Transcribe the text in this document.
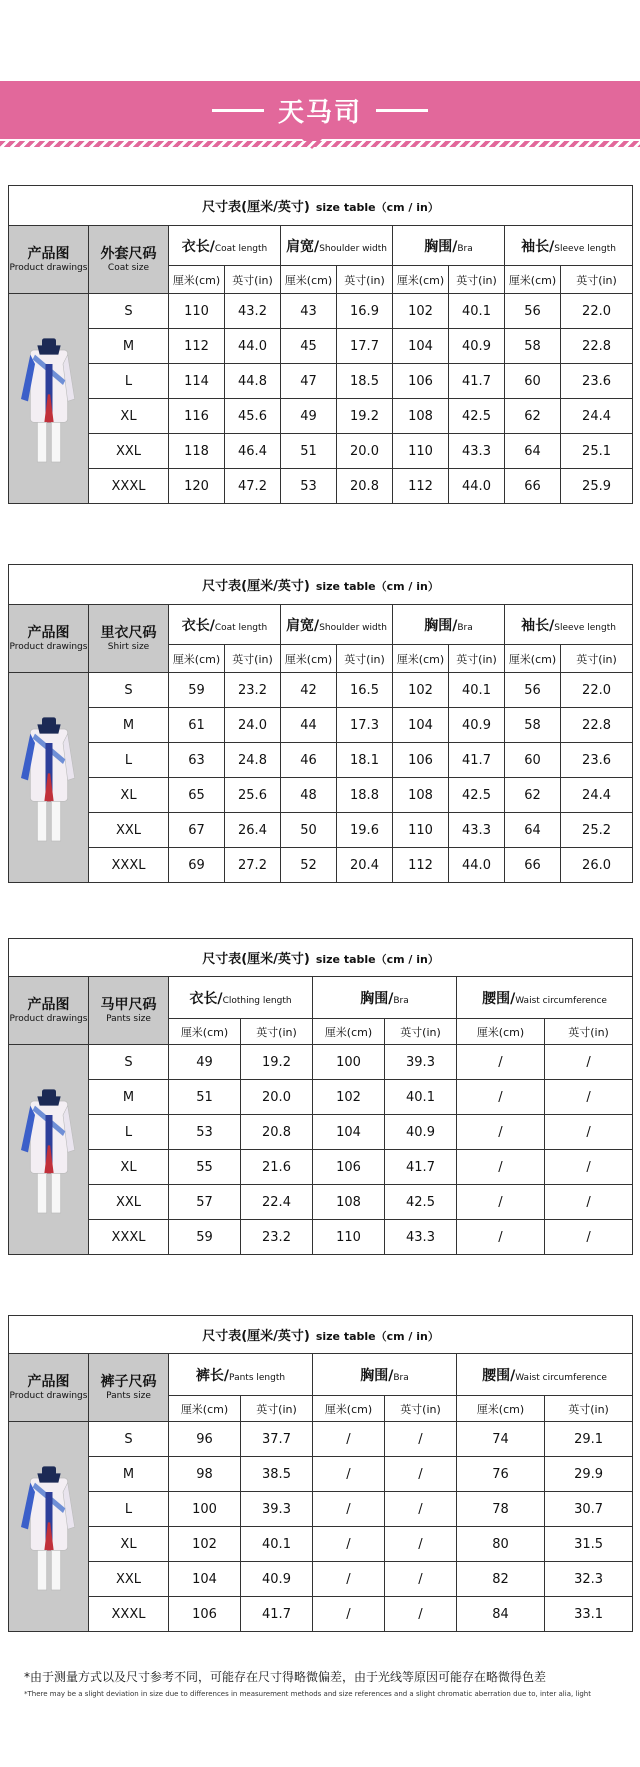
天马司
尺寸表(厘米/英寸) size table（cm / in）									

产品图
Product drawings	外套尺码
Coat size	衣长/Coat length		肩宽/Shoulder width		胸围/Bra		袖长/Sleeve length	
		厘米(cm)	英寸(in)	厘米(cm)	英寸(in)	厘米(cm)	英寸(in)	厘米(cm)	英寸(in)

	S	110	43.2	43	16.9	102	40.1	56	22.0
	M	112	44.0	45	17.7	104	40.9	58	22.8
	L	114	44.8	47	18.5	106	41.7	60	23.6
	XL	116	45.6	49	19.2	108	42.5	62	24.4
	XXL	118	46.4	51	20.0	110	43.3	64	25.1
	XXXL	120	47.2	53	20.8	112	44.0	66	25.9
尺寸表(厘米/英寸) size table（cm / in）									

产品图
Product drawings	里衣尺码
Shirt size	衣长/Coat length		肩宽/Shoulder width		胸围/Bra		袖长/Sleeve length	
		厘米(cm)	英寸(in)	厘米(cm)	英寸(in)	厘米(cm)	英寸(in)	厘米(cm)	英寸(in)

	S	59	23.2	42	16.5	102	40.1	56	22.0
	M	61	24.0	44	17.3	104	40.9	58	22.8
	L	63	24.8	46	18.1	106	41.7	60	23.6
	XL	65	25.6	48	18.8	108	42.5	62	24.4
	XXL	67	26.4	50	19.6	110	43.3	64	25.2
	XXXL	69	27.2	52	20.4	112	44.0	66	26.0
尺寸表(厘米/英寸) size table（cm / in）							

产品图
Product drawings	马甲尺码
Pants size	衣长/Clothing length		胸围/Bra		腰围/Waist circumference	
		厘米(cm)	英寸(in)	厘米(cm)	英寸(in)	厘米(cm)	英寸(in)

	S	49	19.2	100	39.3	/	/
	M	51	20.0	102	40.1	/	/
	L	53	20.8	104	40.9	/	/
	XL	55	21.6	106	41.7	/	/
	XXL	57	22.4	108	42.5	/	/
	XXXL	59	23.2	110	43.3	/	/
尺寸表(厘米/英寸) size table（cm / in）							

产品图
Product drawings	裤子尺码
Pants size	裤长/Pants length		胸围/Bra		腰围/Waist circumference	
		厘米(cm)	英寸(in)	厘米(cm)	英寸(in)	厘米(cm)	英寸(in)

	S	96	37.7	/	/	74	29.1
	M	98	38.5	/	/	76	29.9
	L	100	39.3	/	/	78	30.7
	XL	102	40.1	/	/	80	31.5
	XXL	104	40.9	/	/	82	32.3
	XXXL	106	41.7	/	/	84	33.1
*由于测量方式以及尺寸参考不同，可能存在尺寸得略微偏差，由于光线等原因可能存在略微得色差
*There may be a slight deviation in size due to differences in measurement methods and size references and a slight chromatic aberration due to, inter alia, light
